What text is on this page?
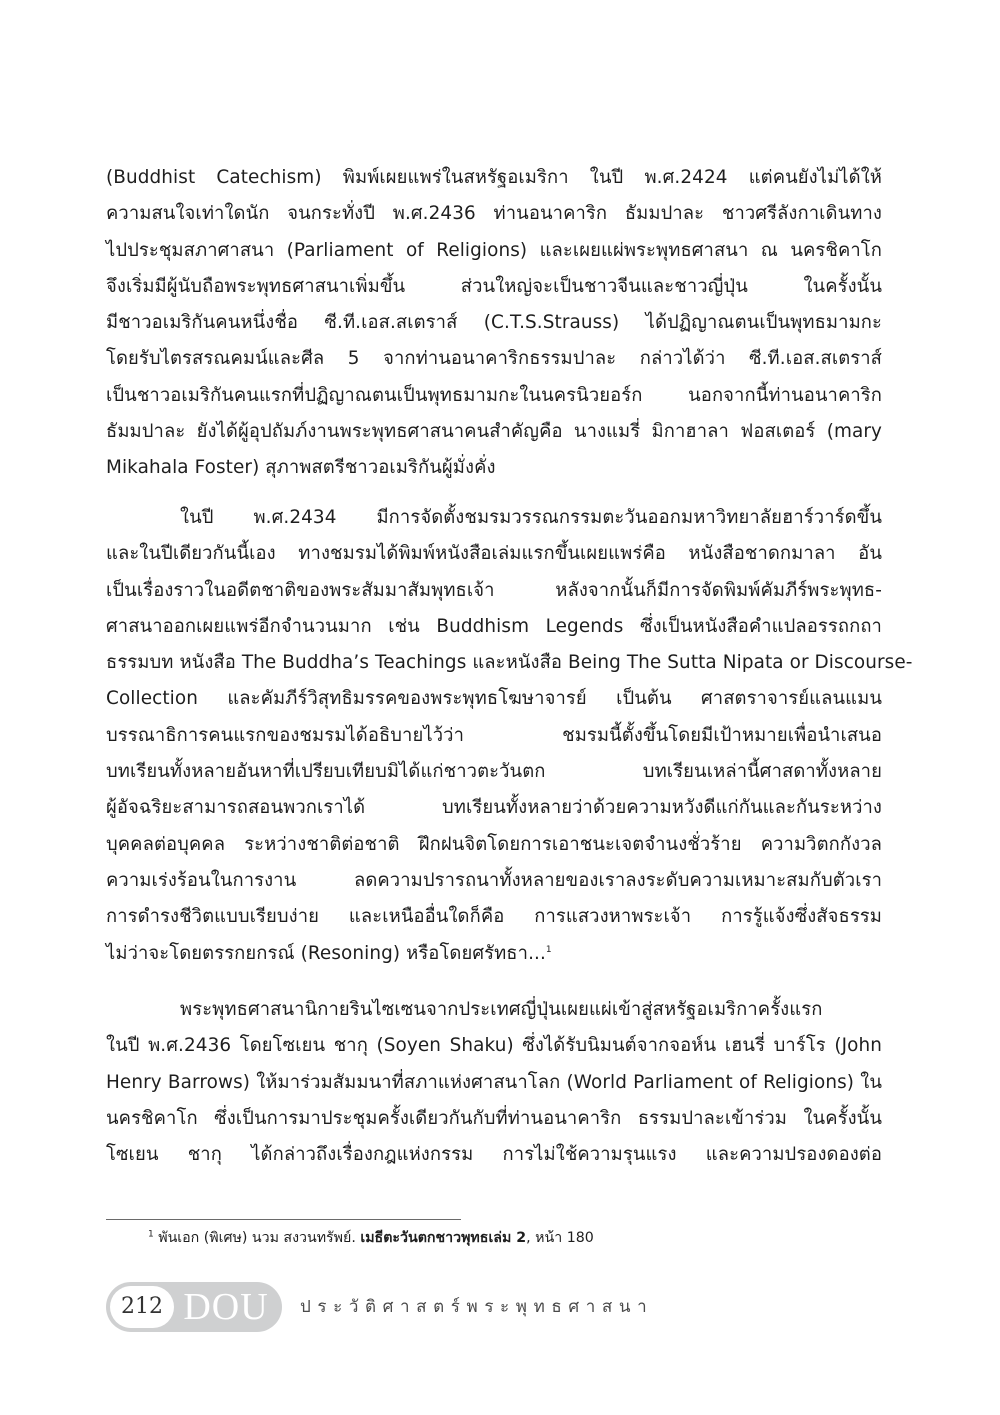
(Buddhist Catechism) พิมพ์เผยแพร่ในสหรัฐอเมริกา ในปี พ.ศ.2424 แต่คนยังไม่ได้ให้
ความสนใจเท่าใดนัก จนกระทั่งปี พ.ศ.2436 ท่านอนาคาริก ธัมมปาละ ชาวศรีลังกาเดินทาง
ไปประชุมสภาศาสนา (Parliament of Religions) และเผยแผ่พระพุทธศาสนา ณ นครชิคาโก
จึงเริ่มมีผู้นับถือพระพุทธศาสนาเพิ่มขึ้น ส่วนใหญ่จะเป็นชาวจีนและชาวญี่ปุ่น ในครั้งนั้น
มีชาวอเมริกันคนหนึ่งชื่อ ซี.ที.เอส.สเตราส์ (C.T.S.Strauss) ได้ปฏิญาณตนเป็นพุทธมามกะ
โดยรับไตรสรณคมน์และศีล 5 จากท่านอนาคาริกธรรมปาละ กล่าวได้ว่า ซี.ที.เอส.สเตราส์
เป็นชาวอเมริกันคนแรกที่ปฏิญาณตนเป็นพุทธมามกะในนครนิวยอร์ก นอกจากนี้ท่านอนาคาริก
ธัมมปาละ ยังได้ผู้อุปถัมภ์งานพระพุทธศาสนาคนสำคัญคือ นางแมรี่ มิกาฮาลา ฟอสเตอร์ (mary
Mikahala Foster) สุภาพสตรีชาวอเมริกันผู้มั่งคั่ง
ในปี พ.ศ.2434 มีการจัดตั้งชมรมวรรณกรรมตะวันออกมหาวิทยาลัยฮาร์วาร์ดขึ้น
และในปีเดียวกันนี้เอง ทางชมรมได้พิมพ์หนังสือเล่มแรกขึ้นเผยแพร่คือ หนังสือชาดกมาลา อัน
เป็นเรื่องราวในอดีตชาติของพระสัมมาสัมพุทธเจ้า หลังจากนั้นก็มีการจัดพิมพ์คัมภีร์พระพุทธ-
ศาสนาออกเผยแพร่อีกจำนวนมาก เช่น Buddhism Legends ซึ่งเป็นหนังสือคำแปลอรรถกถา
ธรรมบท หนังสือ The Buddha’s Teachings และหนังสือ Being The Sutta Nipata or Discourse-
Collection และคัมภีร์วิสุทธิมรรคของพระพุทธโฆษาจารย์ เป็นต้น ศาสตราจารย์แลนแมน
บรรณาธิการคนแรกของชมรมได้อธิบายไว้ว่า ชมรมนี้ตั้งขึ้นโดยมีเป้าหมายเพื่อนำเสนอ
บทเรียนทั้งหลายอันหาที่เปรียบเทียบมิได้แก่ชาวตะวันตก บทเรียนเหล่านี้ศาสดาทั้งหลาย
ผู้อัจฉริยะสามารถสอนพวกเราได้ บทเรียนทั้งหลายว่าด้วยความหวังดีแก่กันและกันระหว่าง
บุคคลต่อบุคคล ระหว่างชาติต่อชาติ ฝึกฝนจิตโดยการเอาชนะเจตจำนงชั่วร้าย ความวิตกกังวล
ความเร่งร้อนในการงาน ลดความปรารถนาทั้งหลายของเราลงระดับความเหมาะสมกับตัวเรา
การดำรงชีวิตแบบเรียบง่าย และเหนืออื่นใดก็คือ การแสวงหาพระเจ้า การรู้แจ้งซึ่งสัจธรรม
ไม่ว่าจะโดยตรรกยกรณ์ (Resoning) หรือโดยศรัทธา...$^1$
พระพุทธศาสนานิกายรินไซเซนจากประเทศญี่ปุ่นเผยแผ่เข้าสู่สหรัฐอเมริกาครั้งแรก
ในปี พ.ศ.2436 โดยโซเยน ชากุ (Soyen Shaku) ซึ่งได้รับนิมนต์จากจอห์น เฮนรี่ บาร์โร (John
Henry Barrows) ให้มาร่วมสัมมนาที่สภาแห่งศาสนาโลก (World Parliament of Religions) ใน
นครชิคาโก ซึ่งเป็นการมาประชุมครั้งเดียวกันกับที่ท่านอนาคาริก ธรรมปาละเข้าร่วม ในครั้งนั้น
โซเยน ชากุ ได้กล่าวถึงเรื่องกฎแห่งกรรม การไม่ใช้ความรุนแรง และความปรองดองต่อ
$^1$ พันเอก (พิเศษ) นวม สงวนทรัพย์. เมธีตะวันตกชาวพุทธเล่ม 2, หน้า 180
212 DOU	ประวัติศาสตร์พระพุทธศาสนา
